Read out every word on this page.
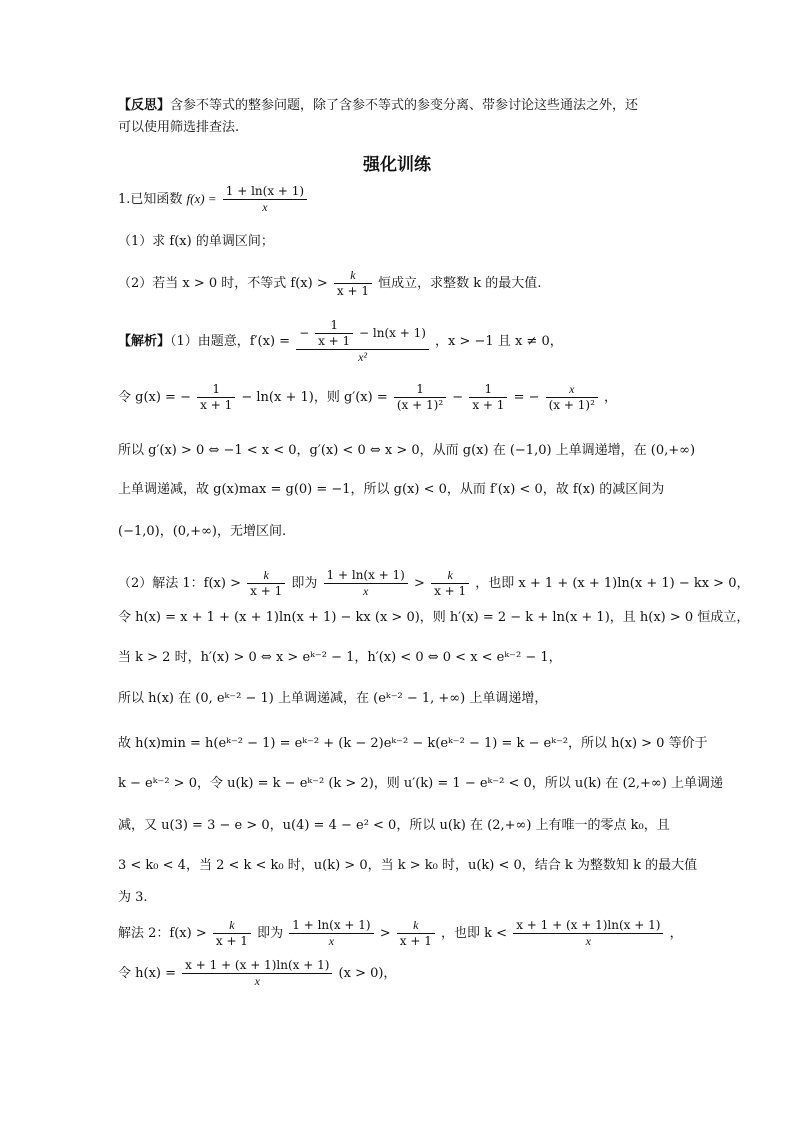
【反思】含参不等式的整参问题，除了含参不等式的参变分离、带参讨论这些通法之外，还
可以使用筛选排查法.
强化训练
1.已知函数 $f(x) = \frac{1 + \ln(x + 1)}{x}$
（1）求 f(x) 的单调区间；
（2）若当 x > 0 时，不等式 $f(x) > \frac{k}{x + 1}$ 恒成立，求整数 k 的最大值.
【解析】（1）由题意，f′(x) =
− $\frac{1}{x + 1} - \ln(x + 1)$
x²
，x > −1 且 x ≠ 0，
令 g(x) = − $\frac{1}{x + 1} - \ln(x + 1)$，则 $g'(x) = \frac{1}{\text{(x + 1)²}} - \frac{1}{x + 1}$ = − $\frac{x}{\text{(x + 1)²}}$ ，
所以 g′(x) > 0 ⇔ −1 < x < 0，g′(x) < 0 ⇔ x > 0，从而 g(x) 在 (−1,0) 上单调递增，在 (0,+∞)
上单调递减，故 g(x)max = g(0) = −1，所以 g(x) < 0，从而 f′(x) < 0，故 f(x) 的减区间为
(−1,0)，(0,+∞)，无增区间.
（2）解法 1：$f(x) > \frac{k}{x + 1}$ 即为 $\frac{1 + \ln(x + 1)}{x} > \frac{k}{x + 1}$ ，也即 x + 1 + (x + 1)ln(x + 1) − kx > 0，
令 h(x) = x + 1 + (x + 1)ln(x + 1) − kx (x > 0)，则 h′(x) = 2 − k + ln(x + 1)，且 h(x) > 0 恒成立，
当 k > 2 时，h′(x) > 0 ⇔ x > eᵏ⁻² − 1，h′(x) < 0 ⇔ 0 < x < eᵏ⁻² − 1，
所以 h(x) 在 (0, eᵏ⁻² − 1) 上单调递减，在 (eᵏ⁻² − 1, +∞) 上单调递增，
故 h(x)min = h(eᵏ⁻² − 1) = eᵏ⁻² + (k − 2)eᵏ⁻² − k(eᵏ⁻² − 1) = k − eᵏ⁻²，所以 h(x) > 0 等价于
k − eᵏ⁻² > 0，令 u(k) = k − eᵏ⁻² (k > 2)，则 u′(k) = 1 − eᵏ⁻² < 0，所以 u(k) 在 (2,+∞) 上单调递
减，又 u(3) = 3 − e > 0，u(4) = 4 − e² < 0，所以 u(k) 在 (2,+∞) 上有唯一的零点 k₀，且
3 < k₀ < 4，当 2 < k < k₀ 时，u(k) > 0，当 k > k₀ 时，u(k) < 0，结合 k 为整数知 k 的最大值
为 3.
解法 2：$f(x) > \frac{k}{x + 1}$ 即为 $\frac{1 + \ln(x + 1)}{x} > \frac{k}{x + 1}$ ，也即 $k < \frac{x + 1 + (x + 1)\ln(x + 1)}{x}$ ，
令 $h(x) = \frac{x + 1 + (x + 1)\ln(x + 1)}{x} (x > 0)$，
